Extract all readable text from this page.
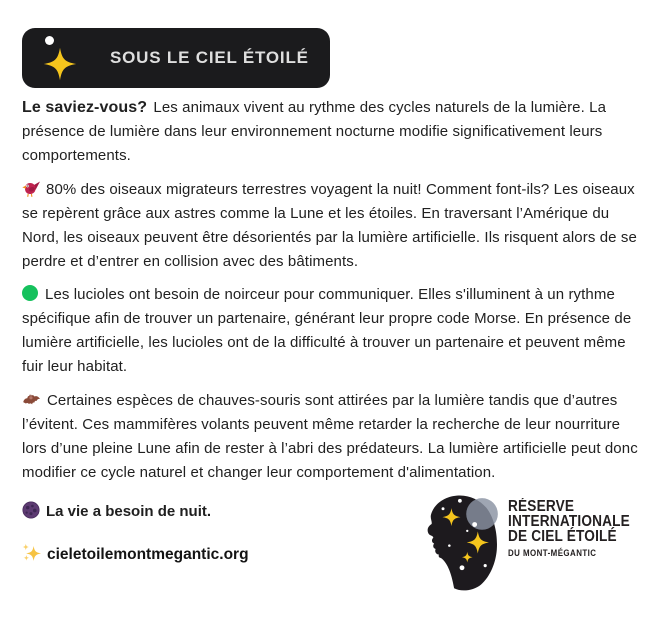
SOUS LE CIEL ÉTOILÉ

Le saviez-vous? Les animaux vivent au rythme des cycles naturels de la lumière. La présence de lumière dans leur environnement nocturne modifie significativement leurs comportements.

80% des oiseaux migrateurs terrestres voyagent la nuit! Comment font-ils? Les oiseaux se repèrent grâce aux astres comme la Lune et les étoiles. En traversant l’Amérique du Nord, les oiseaux peuvent être désorientés par la lumière artificielle. Ils risquent alors de se perdre et d’entrer en collision avec des bâtiments.

Les lucioles ont besoin de noirceur pour communiquer. Elles s'illuminent à un rythme spécifique afin de trouver un partenaire, générant leur propre code Morse. En présence de lumière artificielle, les lucioles ont de la difficulté à trouver un partenaire et peuvent même fuir leur habitat.

Certaines espèces de chauves-souris sont attirées par la lumière tandis que d’autres l’évitent. Ces mammifères volants peuvent même retarder la recherche de leur nourriture lors d’une pleine Lune afin de rester à l’abri des prédateurs. La lumière artificielle peut donc modifier ce cycle naturel et changer leur comportement d'alimentation.

La vie a besoin de nuit.
cieletoilemontmegantic.org
RÉSERVE
INTERNATIONALE
DE CIEL ÉTOILÉ
DU MONT-MÉGANTIC
